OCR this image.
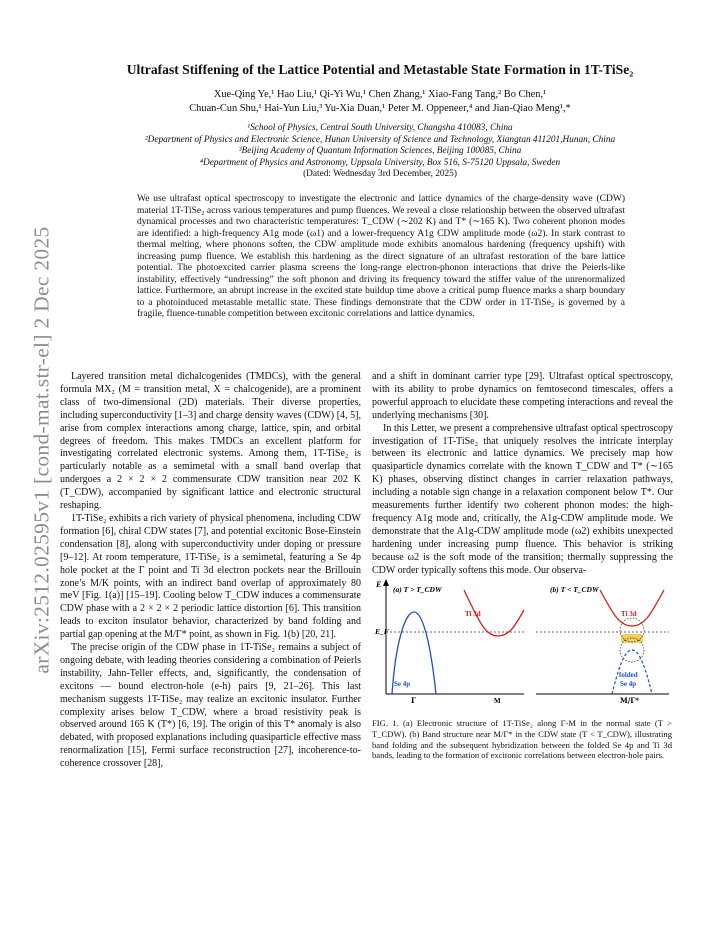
arXiv:2512.02595v1 [cond-mat.str-el] 2 Dec 2025
Ultrafast Stiffening of the Lattice Potential and Metastable State Formation in 1T-TiSe₂
Xue-Qing Ye,¹ Hao Liu,¹ Qi-Yi Wu,¹ Chen Zhang,¹ Xiao-Fang Tang,² Bo Chen,¹
Chuan-Cun Shu,¹ Hai-Yun Liu,³ Yu-Xia Duan,¹ Peter M. Oppeneer,⁴ and Jian-Qiao Meng¹,*
¹School of Physics, Central South University, Changsha 410083, China
²Department of Physics and Electronic Science, Hunan University of Science and Technology, Xiangtan 411201,Hunan, China
³Beijing Academy of Quantum Information Sciences, Beijing 100085, China
⁴Department of Physics and Astronomy, Uppsala University, Box 516, S-75120 Uppsala, Sweden
(Dated: Wednesday 3rd December, 2025)
We use ultrafast optical spectroscopy to investigate the electronic and lattice dynamics of the charge-density wave (CDW) material 1T-TiSe₂ across various temperatures and pump fluences. We reveal a close relationship between the observed ultrafast dynamical processes and two characteristic temperatures: T_CDW (∼202 K) and T* (∼165 K). Two coherent phonon modes are identified: a high-frequency A1g mode (ω1) and a lower-frequency A1g CDW amplitude mode (ω2). In stark contrast to thermal melting, where phonons soften, the CDW amplitude mode exhibits anomalous hardening (frequency upshift) with increasing pump fluence. We establish this hardening as the direct signature of an ultrafast restoration of the bare lattice potential. The photoexcited carrier plasma screens the long-range electron-phonon interactions that drive the Peierls-like instability, effectively “undressing” the soft phonon and driving its frequency toward the stiffer value of the unrenormalized lattice. Furthermore, an abrupt increase in the excited state buildup time above a critical pump fluence marks a sharp boundary to a photoinduced metastable metallic state. These findings demonstrate that the CDW order in 1T-TiSe₂ is governed by a fragile, fluence-tunable competition between excitonic correlations and lattice dynamics.

Layered transition metal dichalcogenides (TMDCs), with the general formula MX₂ (M = transition metal, X = chalcogenide), are a prominent class of two-dimensional (2D) materials. Their diverse properties, including superconductivity [1–3] and charge density waves (CDW) [4, 5], arise from complex interactions among charge, lattice, spin, and orbital degrees of freedom. This makes TMDCs an excellent platform for investigating correlated electronic systems. Among them, 1T-TiSe₂ is particularly notable as a semimetal with a small band overlap that undergoes a 2 × 2 × 2 commensurate CDW transition near 202 K (T_CDW), accompanied by significant lattice and electronic structural reshaping.

1T-TiSe₂ exhibits a rich variety of physical phenomena, including CDW formation [6], chiral CDW states [7], and potential excitonic Bose-Einstein condensation [8], along with superconductivity under doping or pressure [9–12]. At room temperature, 1T-TiSe₂ is a semimetal, featuring a Se 4p hole pocket at the Γ point and Ti 3d electron pockets near the Brillouin zone’s M/K points, with an indirect band overlap of approximately 80 meV [Fig. 1(a)] [15–19]. Cooling below T_CDW induces a commensurate CDW phase with a 2 × 2 × 2 periodic lattice distortion [6]. This transition leads to exciton insulator behavior, characterized by band folding and partial gap opening at the M/Γ* point, as shown in Fig. 1(b) [20, 21].

The precise origin of the CDW phase in 1T-TiSe₂ remains a subject of ongoing debate, with leading theories considering a combination of Peierls instability, Jahn-Teller effects, and, significantly, the condensation of excitons — bound electron-hole (e-h) pairs [9, 21–26]. This last mechanism suggests 1T-TiSe₂ may realize an excitonic insulator. Further complexity arises below T_CDW, where a broad resistivity peak is observed around 165 K (T*) [6, 19]. The origin of this T* anomaly is also debated, with proposed explanations including quasiparticle effective mass renormalization [15], Fermi surface reconstruction [27], incoherence-to-coherence crossover [28],

and a shift in dominant carrier type [29]. Ultrafast optical spectroscopy, with its ability to probe dynamics on femtosecond timescales, offers a powerful approach to elucidate these competing interactions and reveal the underlying mechanisms [30].

In this Letter, we present a comprehensive ultrafast optical spectroscopy investigation of 1T-TiSe₂ that uniquely resolves the intricate interplay between its electronic and lattice dynamics. We precisely map how quasiparticle dynamics correlate with the known T_CDW and T* (∼165 K) phases, observing distinct changes in carrier relaxation pathways, including a notable sign change in a relaxation component below T*. Our measurements further identify two coherent phonon modes: the high-frequency A1g mode and, critically, the A1g-CDW amplitude mode. We demonstrate that the A1g-CDW amplitude mode (ω2) exhibits unexpected hardening under increasing pump fluence. This behavior is striking because ω2 is the soft mode of the transition; thermally suppressing the CDW order typically softens this mode. Our observa-

E
E_F
(a) T > T_CDW
Ti 3d
Se 4p
Γ	M
(b) T < T_CDW
Ti 3d
folded
Se 4p
M/Γ*
FIG. 1. (a) Electronic structure of 1T-TiSe₂ along Γ-M in the normal state (T > T_CDW). (b) Band structure near M/Γ* in the CDW state (T < T_CDW), illustrating band folding and the subsequent hybridization between the folded Se 4p and Ti 3d bands, leading to the formation of excitonic correlations between electron-hole pairs.
